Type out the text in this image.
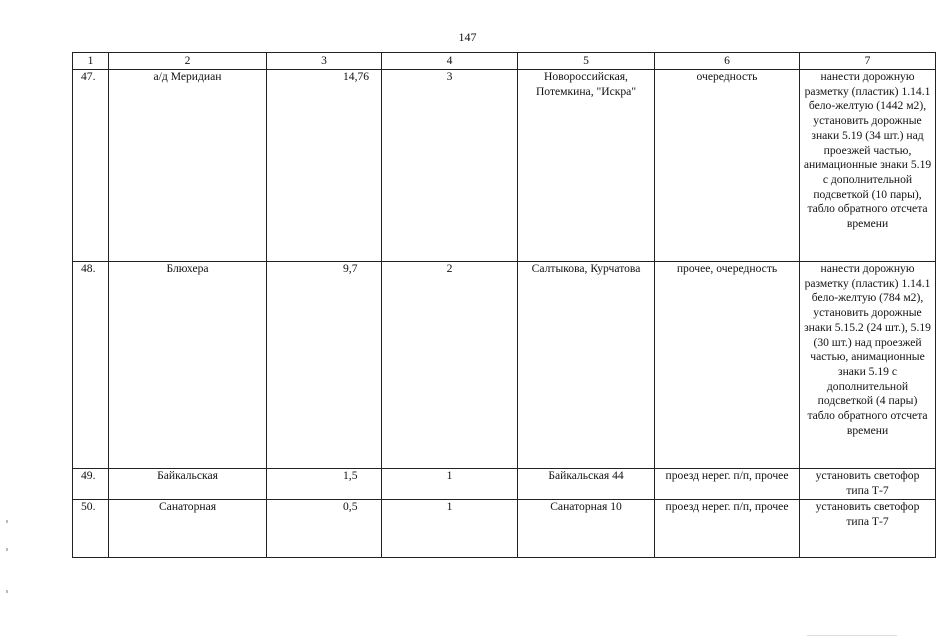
147
1	2	3	4	5	6	7
47.	а/д Меридиан	14,76	3	Новороссийская, Потемкина, "Искра"	очередность	нанести дорожную разметку (пластик) 1.14.1 бело-желтую (1442 м2), установить дорожные знаки 5.19 (34 шт.) над проезжей частью, анимационные знаки 5.19 с дополнительной подсветкой (10 пары), табло обратного отсчета времени
48.	Блюхера	9,7	2	Салтыкова, Курчатова	прочее, очередность	нанести дорожную разметку (пластик) 1.14.1 бело-желтую (784 м2), установить дорожные знаки 5.15.2 (24 шт.), 5.19 (30 шт.) над проезжей частью, анимационные знаки 5.19 с дополнительной подсветкой (4 пары) табло обратного отсчета времени
49.	Байкальская	1,5	1	Байкальская 44	проезд нерег. п/п, прочее	установить светофор типа Т-7
50.	Санаторная	0,5	1	Санаторная 10	проезд нерег. п/п, прочее	установить светофор типа Т-7
